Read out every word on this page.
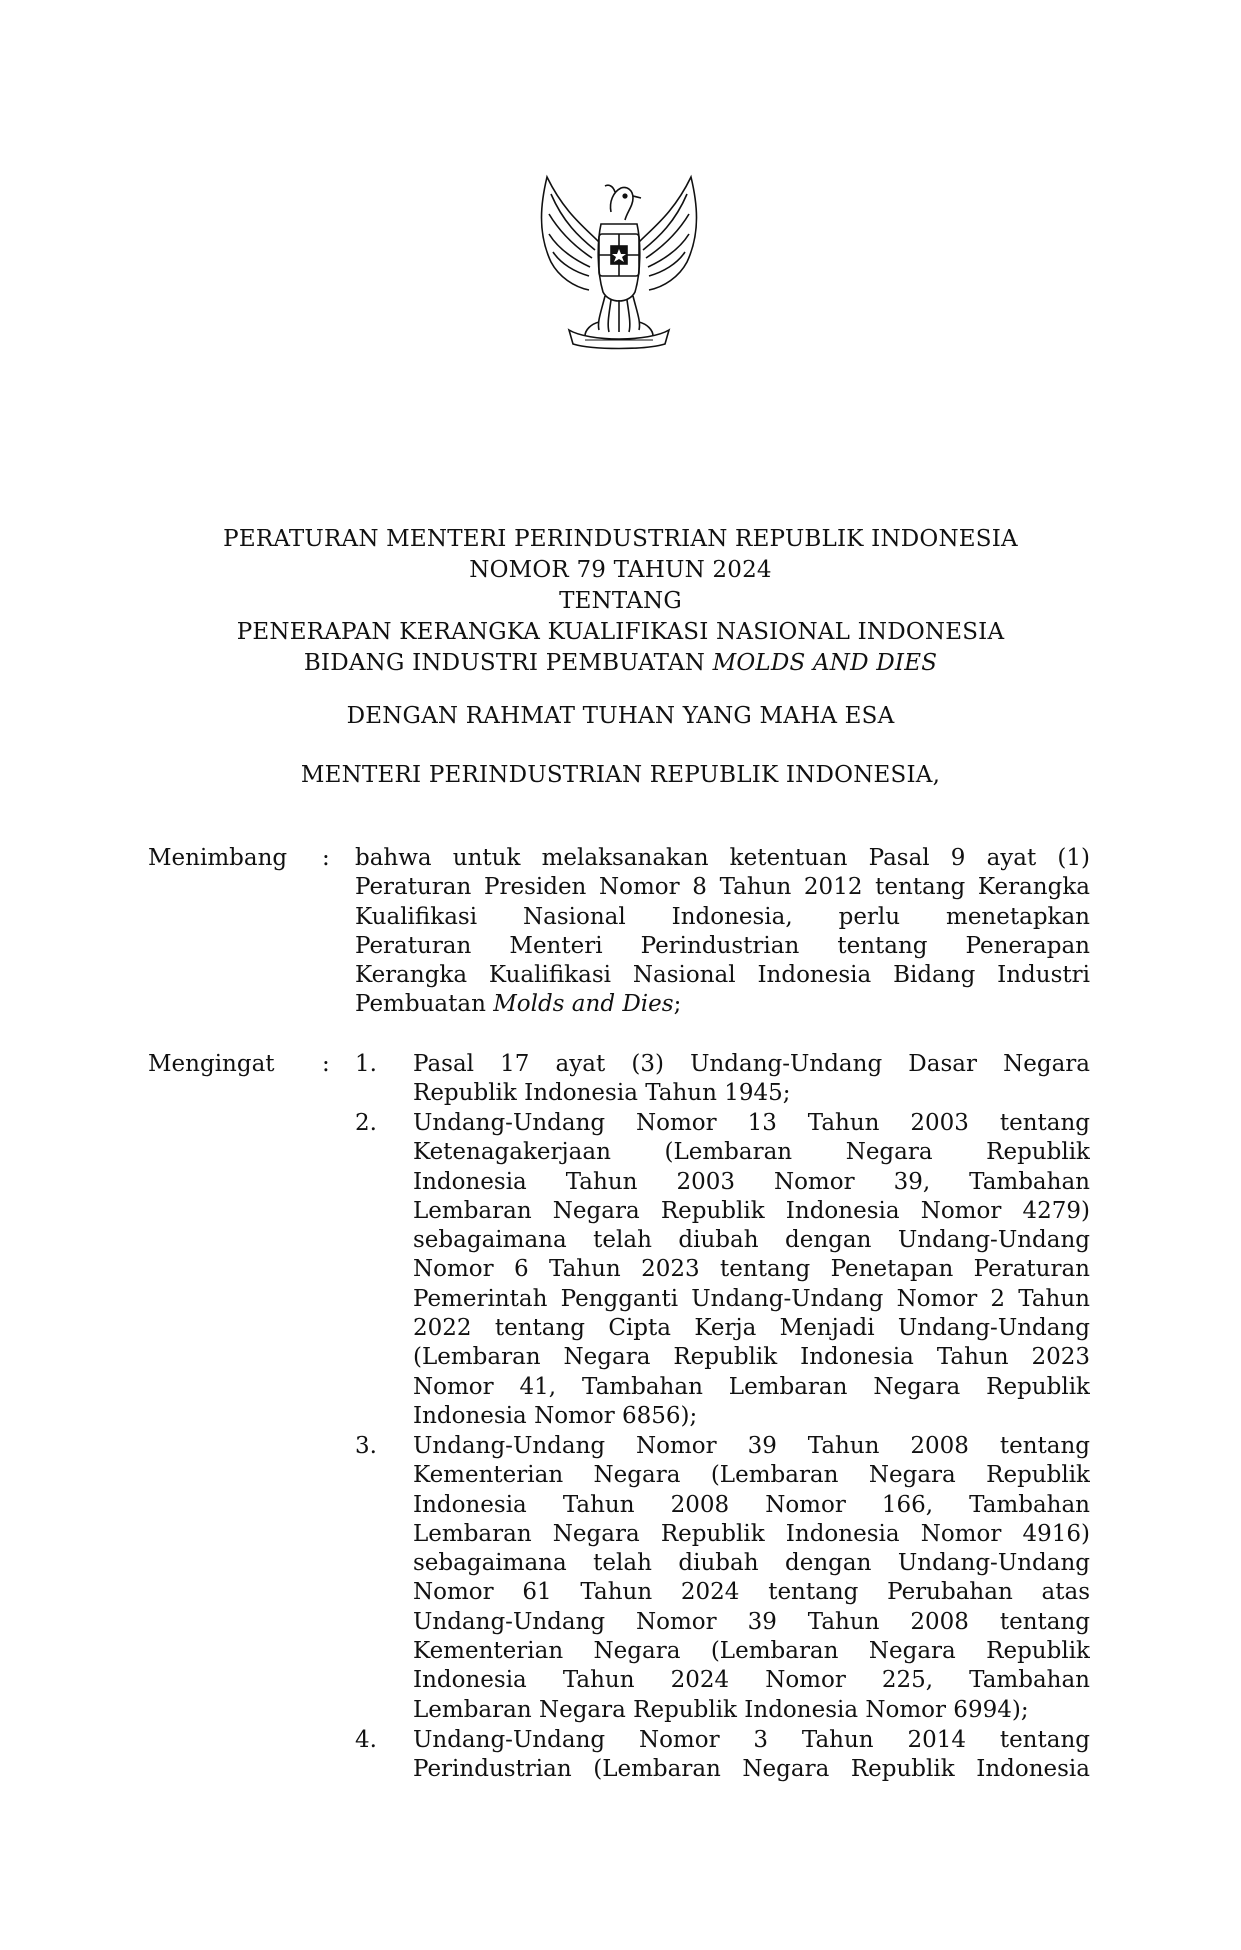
PERATURAN MENTERI PERINDUSTRIAN REPUBLIK INDONESIA
NOMOR 79 TAHUN 2024
TENTANG
PENERAPAN KERANGKA KUALIFIKASI NASIONAL INDONESIA
BIDANG INDUSTRI PEMBUATAN MOLDS AND DIES
DENGAN RAHMAT TUHAN YANG MAHA ESA
MENTERI PERINDUSTRIAN REPUBLIK INDONESIA,
Menimbang : bahwa untuk melaksanakan ketentuan Pasal 9 ayat (1)
Peraturan Presiden Nomor 8 Tahun 2012 tentang Kerangka
Kualifikasi Nasional Indonesia, perlu menetapkan
Peraturan Menteri Perindustrian tentang Penerapan
Kerangka Kualifikasi Nasional Indonesia Bidang Industri
Pembuatan Molds and Dies;
Mengingat : 1. Pasal 17 ayat (3) Undang-Undang Dasar Negara
Republik Indonesia Tahun 1945;
2. Undang-Undang Nomor 13 Tahun 2003 tentang
Ketenagakerjaan (Lembaran Negara Republik
Indonesia Tahun 2003 Nomor 39, Tambahan
Lembaran Negara Republik Indonesia Nomor 4279)
sebagaimana telah diubah dengan Undang-Undang
Nomor 6 Tahun 2023 tentang Penetapan Peraturan
Pemerintah Pengganti Undang-Undang Nomor 2 Tahun
2022 tentang Cipta Kerja Menjadi Undang-Undang
(Lembaran Negara Republik Indonesia Tahun 2023
Nomor 41, Tambahan Lembaran Negara Republik
Indonesia Nomor 6856);
3. Undang-Undang Nomor 39 Tahun 2008 tentang
Kementerian Negara (Lembaran Negara Republik
Indonesia Tahun 2008 Nomor 166, Tambahan
Lembaran Negara Republik Indonesia Nomor 4916)
sebagaimana telah diubah dengan Undang-Undang
Nomor 61 Tahun 2024 tentang Perubahan atas
Undang-Undang Nomor 39 Tahun 2008 tentang
Kementerian Negara (Lembaran Negara Republik
Indonesia Tahun 2024 Nomor 225, Tambahan
Lembaran Negara Republik Indonesia Nomor 6994);
4. Undang-Undang Nomor 3 Tahun 2014 tentang
Perindustrian (Lembaran Negara Republik Indonesia
